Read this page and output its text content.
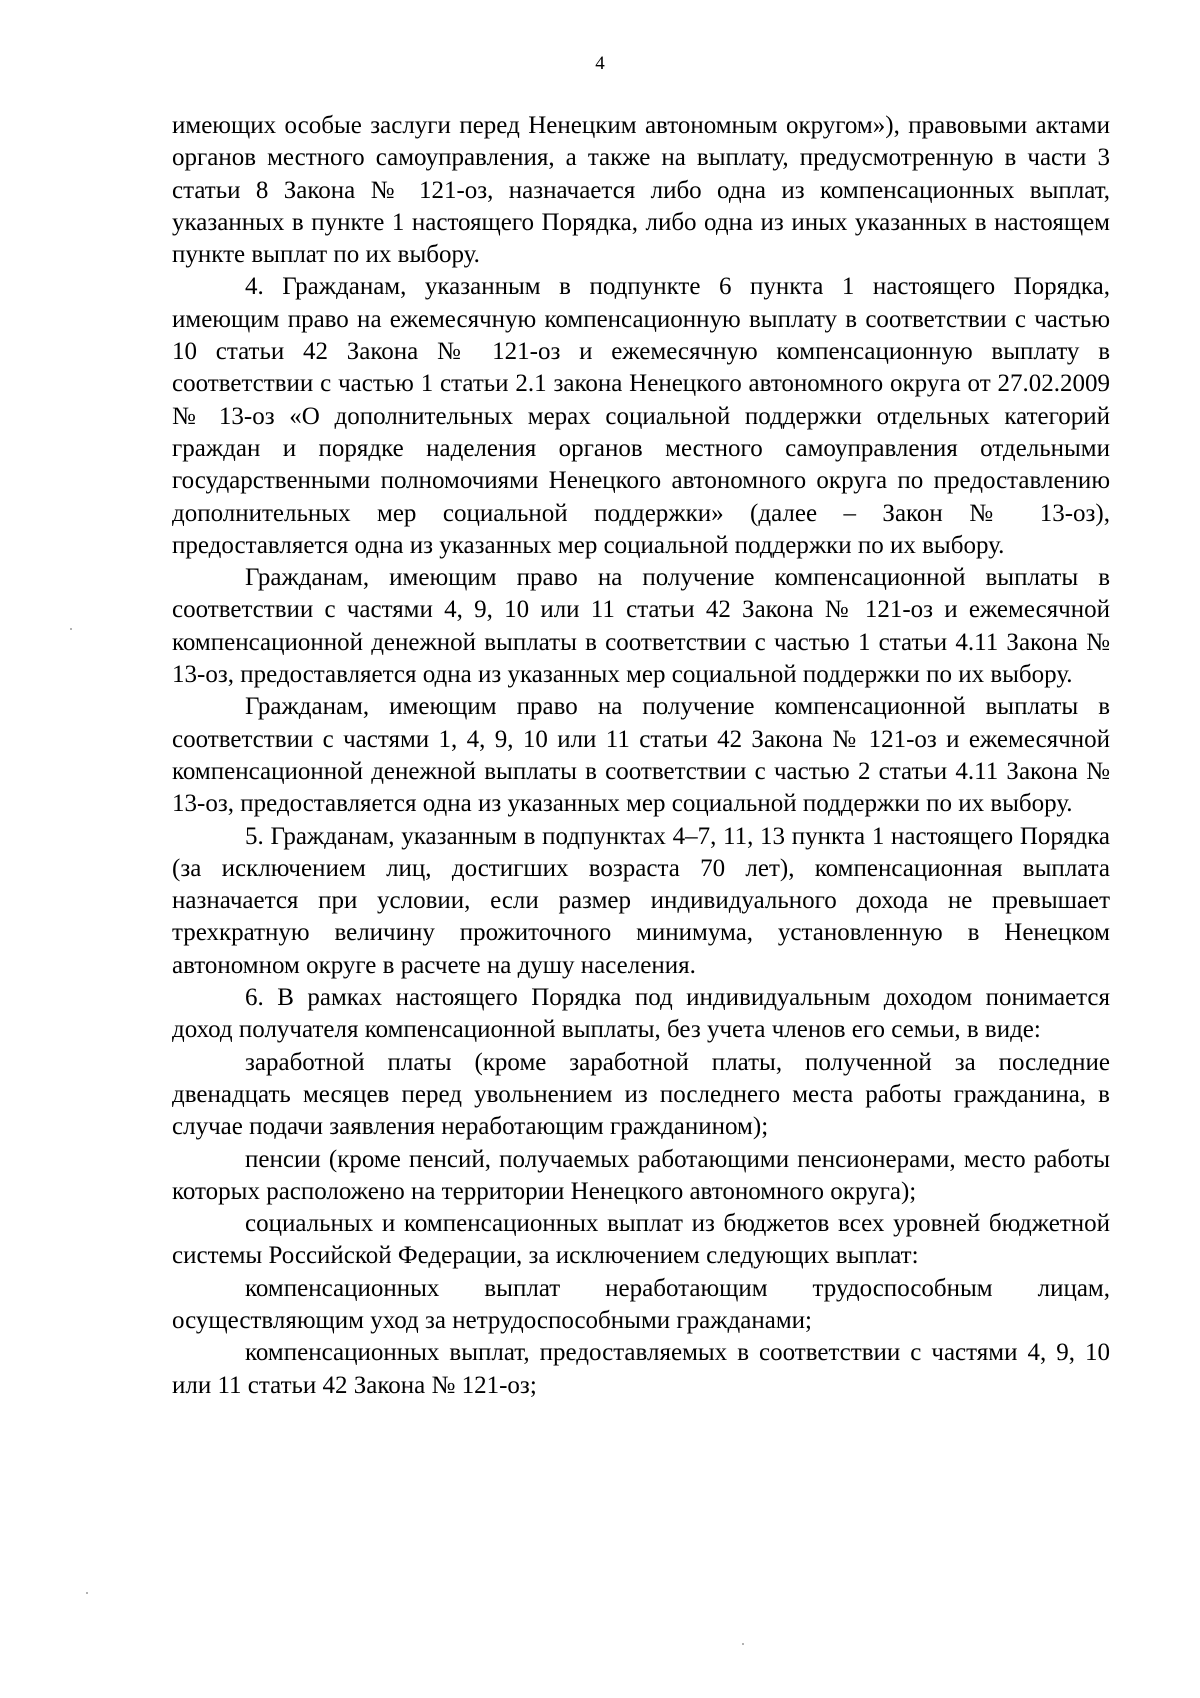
4

имеющих особые заслуги перед Ненецким автономным округом»), правовыми актами органов местного самоуправления, а также на выплату, предусмотренную в части 3 статьи 8 Закона № 121-оз, назначается либо одна из компенсационных выплат, указанных в пункте 1 настоящего Порядка, либо одна из иных указанных в настоящем пункте выплат по их выбору.

4. Гражданам, указанным в подпункте 6 пункта 1 настоящего Порядка, имеющим право на ежемесячную компенсационную выплату в соответствии с частью 10 статьи 42 Закона № 121-оз и ежемесячную компенсационную выплату в соответствии с частью 1 статьи 2.1 закона Ненецкого автономного округа от 27.02.2009 № 13-оз «О дополнительных мерах социальной поддержки отдельных категорий граждан и порядке наделения органов местного самоуправления отдельными государственными полномочиями Ненецкого автономного округа по предоставлению дополнительных мер социальной поддержки» (далее – Закон № 13-оз), предоставляется одна из указанных мер социальной поддержки по их выбору.

Гражданам, имеющим право на получение компенсационной выплаты в соответствии с частями 4, 9, 10 или 11 статьи 42 Закона № 121-оз и ежемесячной компенсационной денежной выплаты в соответствии с частью 1 статьи 4.11 Закона № 13-оз, предоставляется одна из указанных мер социальной поддержки по их выбору.

Гражданам, имеющим право на получение компенсационной выплаты в соответствии с частями 1, 4, 9, 10 или 11 статьи 42 Закона № 121-оз и ежемесячной компенсационной денежной выплаты в соответствии с частью 2 статьи 4.11 Закона № 13-оз, предоставляется одна из указанных мер социальной поддержки по их выбору.

5. Гражданам, указанным в подпунктах 4–7, 11, 13 пункта 1 настоящего Порядка (за исключением лиц, достигших возраста 70 лет), компенсационная выплата назначается при условии, если размер индивидуального дохода не превышает трехкратную величину прожиточного минимума, установленную в Ненецком автономном округе в расчете на душу населения.

6. В рамках настоящего Порядка под индивидуальным доходом понимается доход получателя компенсационной выплаты, без учета членов его семьи, в виде:

заработной платы (кроме заработной платы, полученной за последние двенадцать месяцев перед увольнением из последнего места работы гражданина, в случае подачи заявления неработающим гражданином);

пенсии (кроме пенсий, получаемых работающими пенсионерами, место работы которых расположено на территории Ненецкого автономного округа);

социальных и компенсационных выплат из бюджетов всех уровней бюджетной системы Российской Федерации, за исключением следующих выплат:

компенсационных выплат неработающим трудоспособным лицам, осуществляющим уход за нетрудоспособными гражданами;

компенсационных выплат, предоставляемых в соответствии с частями 4, 9, 10 или 11 статьи 42 Закона № 121-оз;
